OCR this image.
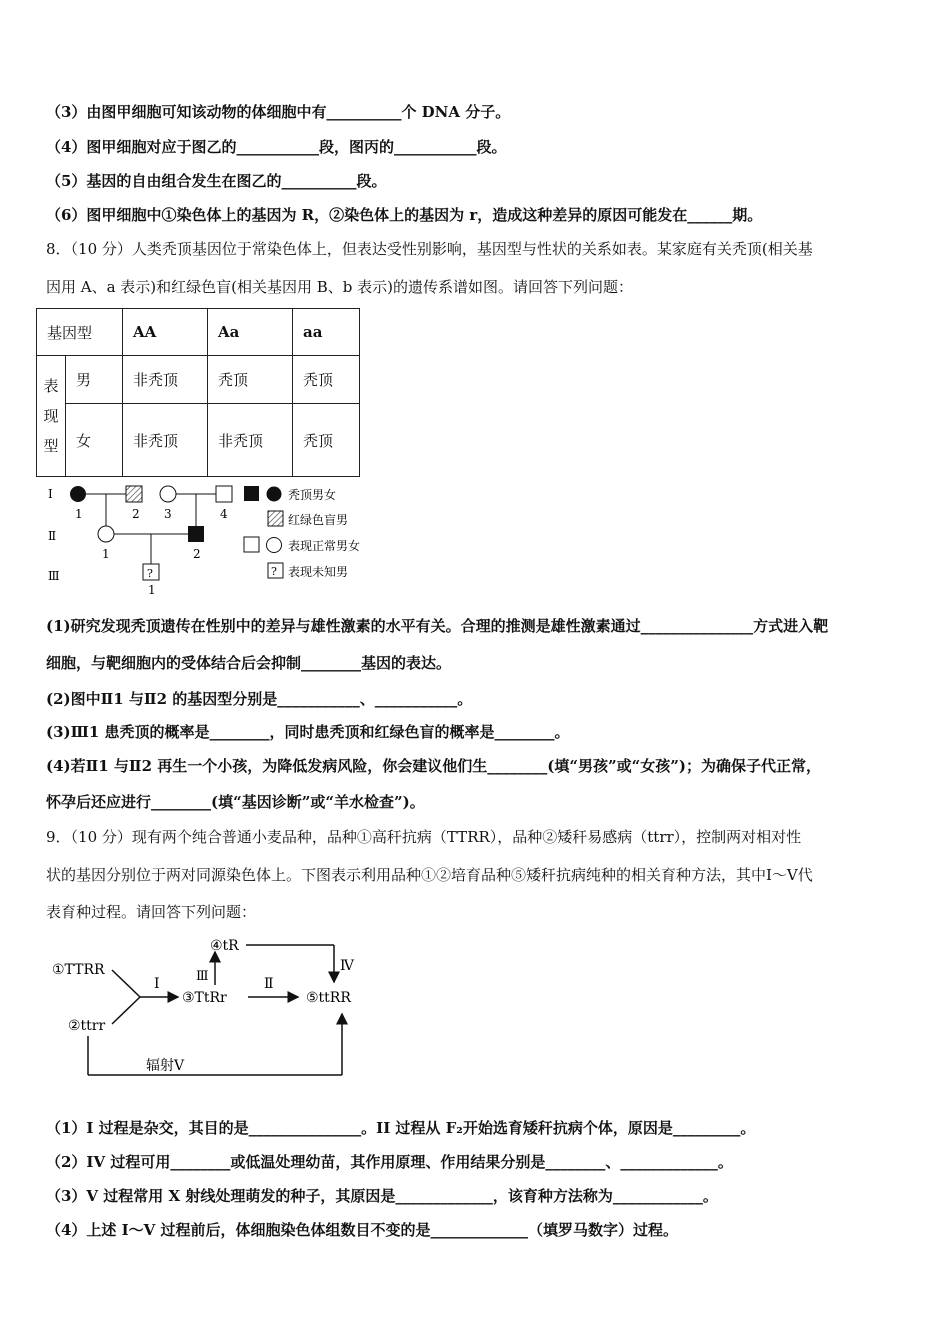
（3）由图甲细胞可知该动物的体细胞中有__________个 DNA 分子。
（4）图甲细胞对应于图乙的___________段，图丙的___________段。
（5）基因的自由组合发生在图乙的__________段。
（6）图甲细胞中①染色体上的基因为 R，②染色体上的基因为 r，造成这种差异的原因可能发在______期。
8．（10 分）人类秃顶基因位于常染色体上，但表达受性别影响，基因型与性状的关系如表。某家庭有关秃顶(相关基
因用 A、a 表示)和红绿色盲(相关基因用 B、b 表示)的遗传系谱如图。请回答下列问题：
基因型		AA	Aa	aa

表
现
型	男	非秃顶	秃顶	秃顶
	女	非秃顶	非秃顶	秃顶
Ⅰ
Ⅱ
Ⅲ
1	2 3	4
1	2
?
1
秃顶男女
红绿色盲男
表现正常男女
? 表现未知男
(1)研究发现秃顶遗传在性别中的差异与雄性激素的水平有关。合理的推测是雄性激素通过_______________方式进入靶
细胞，与靶细胞内的受体结合后会抑制________基因的表达。
(2)图中Ⅱ1 与Ⅱ2 的基因型分别是___________、___________。
(3)Ⅲ1 患秃顶的概率是________，同时患秃顶和红绿色盲的概率是________。
(4)若Ⅱ1 与Ⅱ2 再生一个小孩，为降低发病风险，你会建议他们生________(填“男孩”或“女孩”)；为确保子代正常，
怀孕后还应进行________(填“基因诊断”或“羊水检查”)。
9．（10 分）现有两个纯合普通小麦品种，品种①高秆抗病（TTRR），品种②矮秆易感病（ttrr），控制两对相对性
状的基因分别位于两对同源染色体上。下图表示利用品种①②培育品种⑤矮秆抗病纯种的相关育种方法，其中Ⅰ～Ⅴ代
表育种过程。请回答下列问题：
①TTRR
②ttrr
Ⅰ
③TtRr
Ⅲ
④tR
Ⅳ
Ⅱ
⑤ttRR
辐射Ⅴ
（1）I 过程是杂交，其目的是_______________。II 过程从 F₂开始选育矮秆抗病个体，原因是_________。
（2）IV 过程可用________或低温处理幼苗，其作用原理、作用结果分别是________、_____________。
（3）V 过程常用 X 射线处理萌发的种子，其原因是_____________，该育种方法称为____________。
（4）上述 I～V 过程前后，体细胞染色体组数目不变的是_____________（填罗马数字）过程。
